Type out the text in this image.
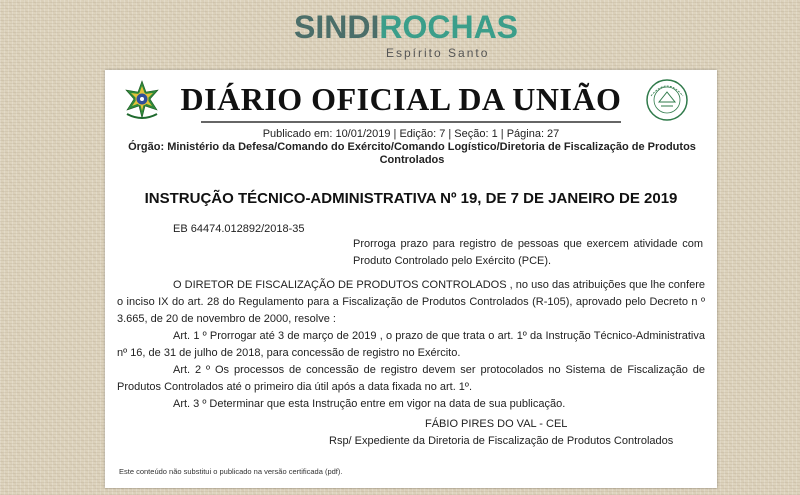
SINDIROCHAS
Espírito Santo
DIÁRIO OFICIAL DA UNIÃO
Publicado em: 10/01/2019 | Edição: 7 | Seção: 1 | Página: 27
Órgão: Ministério da Defesa/Comando do Exército/Comando Logístico/Diretoria de Fiscalização de Produtos Controlados
INSTRUÇÃO TÉCNICO-ADMINISTRATIVA Nº 19, DE 7 DE JANEIRO DE 2019
EB 64474.012892/2018-35
Prorroga prazo para registro de pessoas que exercem atividade com Produto Controlado pelo Exército (PCE).

O DIRETOR DE FISCALIZAÇÃO DE PRODUTOS CONTROLADOS , no uso das atribuições que lhe confere o inciso IX do art. 28 do Regulamento para a Fiscalização de Produtos Controlados (R-105), aprovado pelo Decreto n º 3.665, de 20 de novembro de 2000, resolve :

Art. 1 º Prorrogar até 3 de março de 2019 , o prazo de que trata o art. 1º da Instrução Técnico-Administrativa nº 16, de 31 de julho de 2018, para concessão de registro no Exército.

Art. 2 º Os processos de concessão de registro devem ser protocolados no Sistema de Fiscalização de Produtos Controlados até o primeiro dia útil após a data fixada no art. 1º.

Art. 3 º Determinar que esta Instrução entre em vigor na data de sua publicação.

FÁBIO PIRES DO VAL - CEL
Rsp/ Expediente da Diretoria de Fiscalização de Produtos Controlados
Este conteúdo não substitui o publicado na versão certificada (pdf).
